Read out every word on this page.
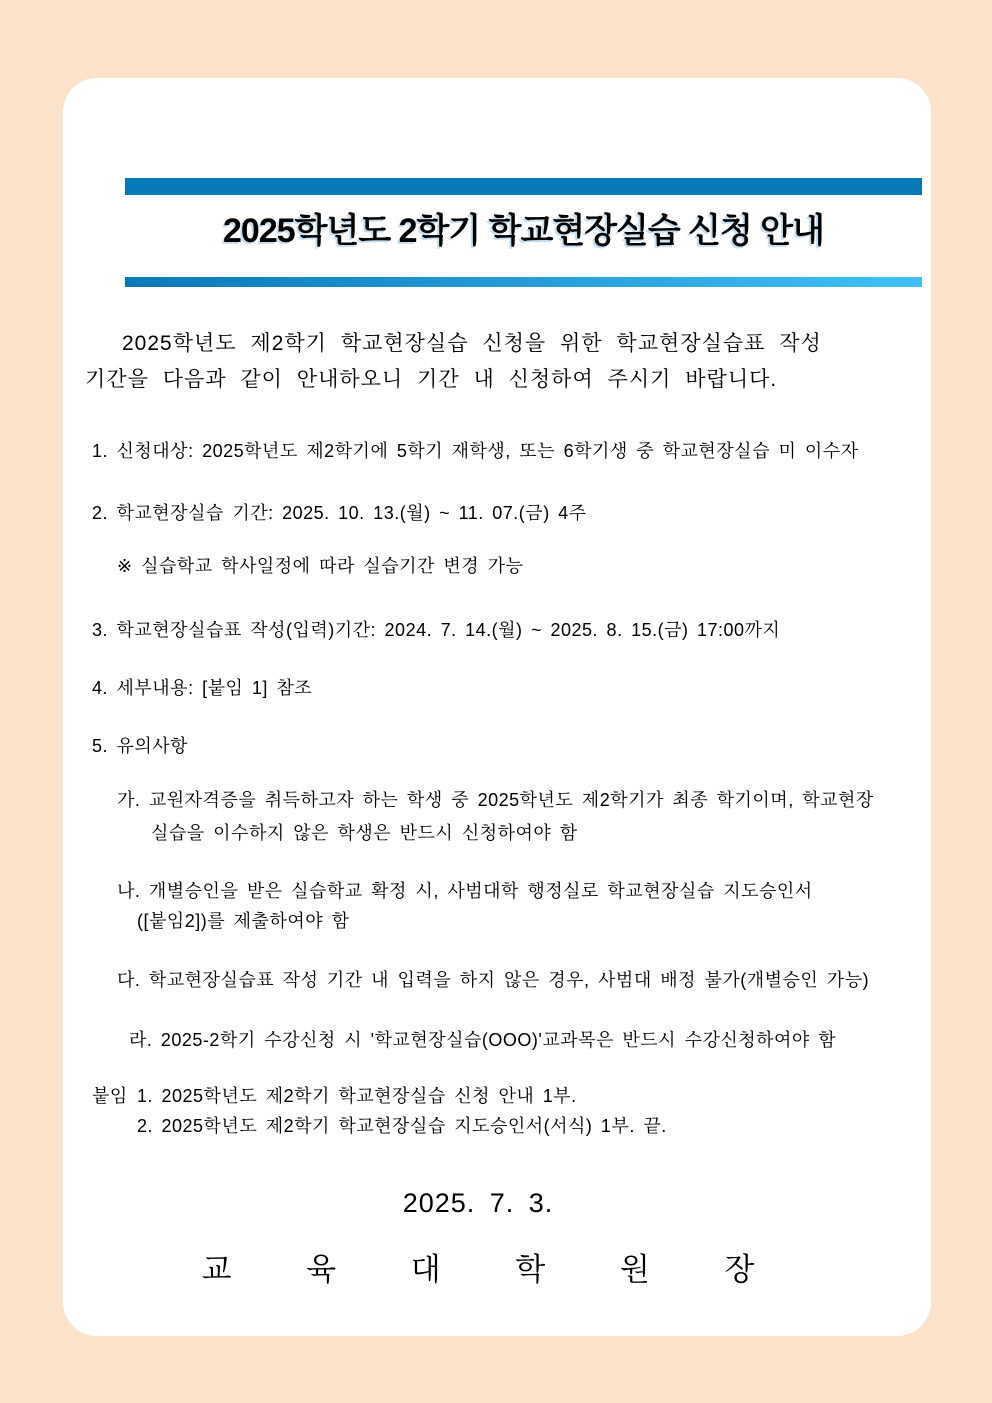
2025학년도 2학기 학교현장실습 신청 안내
2025학년도 제2학기 학교현장실습 신청을 위한 학교현장실습표 작성
기간을 다음과 같이 안내하오니 기간 내 신청하여 주시기 바랍니다.
1. 신청대상: 2025학년도 제2학기에 5학기 재학생, 또는 6학기생 중 학교현장실습 미 이수자
2. 학교현장실습 기간: 2025. 10. 13.(월) ~ 11. 07.(금) 4주
※ 실습학교 학사일정에 따라 실습기간 변경 가능
3. 학교현장실습표 작성(입력)기간: 2024. 7. 14.(월) ~ 2025. 8. 15.(금) 17:00까지
4. 세부내용: [붙임 1] 참조
5. 유의사항
가. 교원자격증을 취득하고자 하는 학생 중 2025학년도 제2학기가 최종 학기이며, 학교현장
실습을 이수하지 않은 학생은 반드시 신청하여야 함
나. 개별승인을 받은 실습학교 확정 시, 사범대학 행정실로 학교현장실습 지도승인서
([붙임2])를 제출하여야 함
다. 학교현장실습표 작성 기간 내 입력을 하지 않은 경우, 사범대 배정 불가(개별승인 가능)
라. 2025-2학기 수강신청 시 '학교현장실습(OOO)'교과목은 반드시 수강신청하여야 함
붙임 1. 2025학년도 제2학기 학교현장실습 신청 안내 1부.
2. 2025학년도 제2학기 학교현장실습 지도승인서(서식) 1부. 끝.
2025. 7. 3.
교 육 대 학 원 장
